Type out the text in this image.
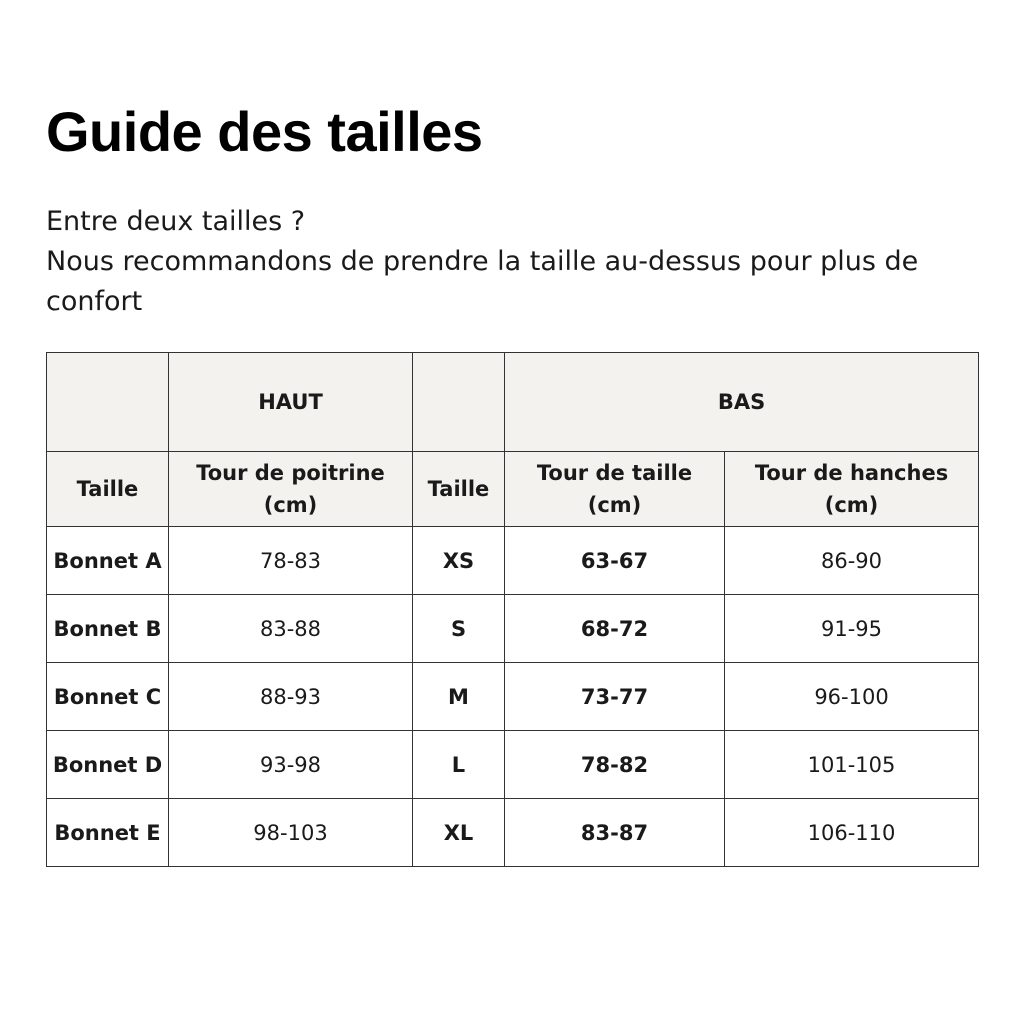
Guide des tailles

Entre deux tailles ?

Nous recommandons de prendre la taille au-dessus pour plus de confort

	HAUT		BAS	
Taille	Tour de poitrine (cm)	Taille	Tour de taille (cm)	Tour de hanches (cm)
Bonnet A	78-83	XS	63-67	86-90
Bonnet B	83-88	S	68-72	91-95
Bonnet C	88-93	M	73-77	96-100
Bonnet D	93-98	L	78-82	101-105
Bonnet E	98-103	XL	83-87	106-110
